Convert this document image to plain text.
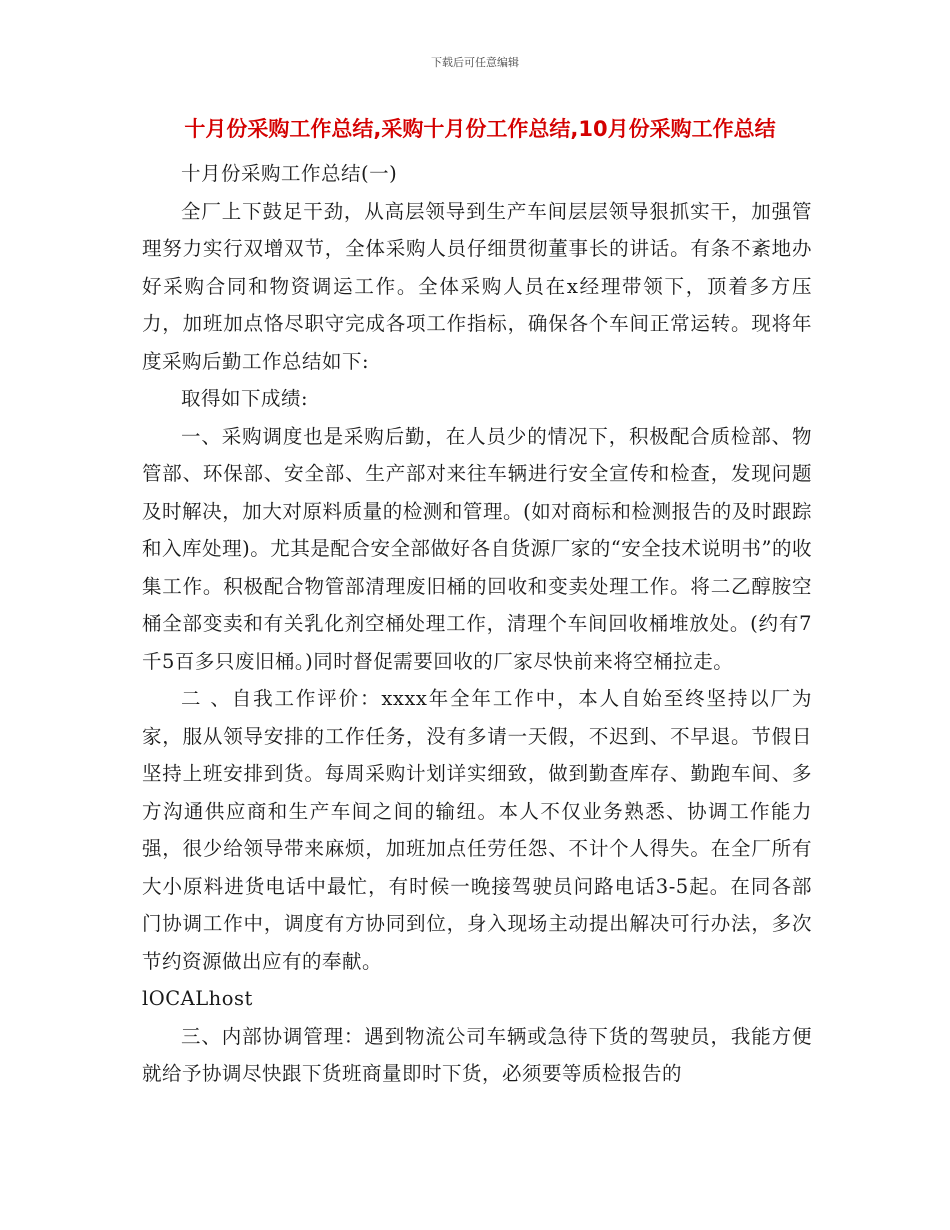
下载后可任意编辑
十月份采购工作总结,采购十月份工作总结,10月份采购工作总结

十月份采购工作总结(一)

全厂上下鼓足干劲，从高层领导到生产车间层层领导狠抓实干，加强管理努力实行双增双节，全体采购人员仔细贯彻董事长的讲话。有条不紊地办好采购合同和物资调运工作。全体采购人员在x经理带领下，顶着多方压力，加班加点恪尽职守完成各项工作指标，确保各个车间正常运转。现将年度采购后勤工作总结如下:

取得如下成绩:

一、采购调度也是采购后勤，在人员少的情况下，积极配合质检部、物管部、环保部、安全部、生产部对来往车辆进行安全宣传和检查，发现问题及时解决，加大对原料质量的检测和管理。(如对商标和检测报告的及时跟踪和入库处理)。尤其是配合安全部做好各自货源厂家的“安全技术说明书”的收集工作。积极配合物管部清理废旧桶的回收和变卖处理工作。将二乙醇胺空桶全部变卖和有关乳化剂空桶处理工作，清理个车间回收桶堆放处。(约有7千5百多只废旧桶。)同时督促需要回收的厂家尽快前来将空桶拉走。

二 、自我工作评价：xxxx年全年工作中，本人自始至终坚持以厂为家，服从领导安排的工作任务，没有多请一天假，不迟到、不早退。节假日坚持上班安排到货。每周采购计划详实细致，做到勤查库存、勤跑车间、多方沟通供应商和生产车间之间的输纽。本人不仅业务熟悉、协调工作能力强，很少给领导带来麻烦，加班加点任劳任怨、不计个人得失。在全厂所有大小原料进货电话中最忙，有时候一晚接驾驶员问路电话3-5起。在同各部门协调工作中，调度有方协同到位，身入现场主动提出解决可行办法，多次节约资源做出应有的奉献。

lOCALhost

三、内部协调管理：遇到物流公司车辆或急待下货的驾驶员，我能方便就给予协调尽快跟下货班商量即时下货，必须要等质检报告的
